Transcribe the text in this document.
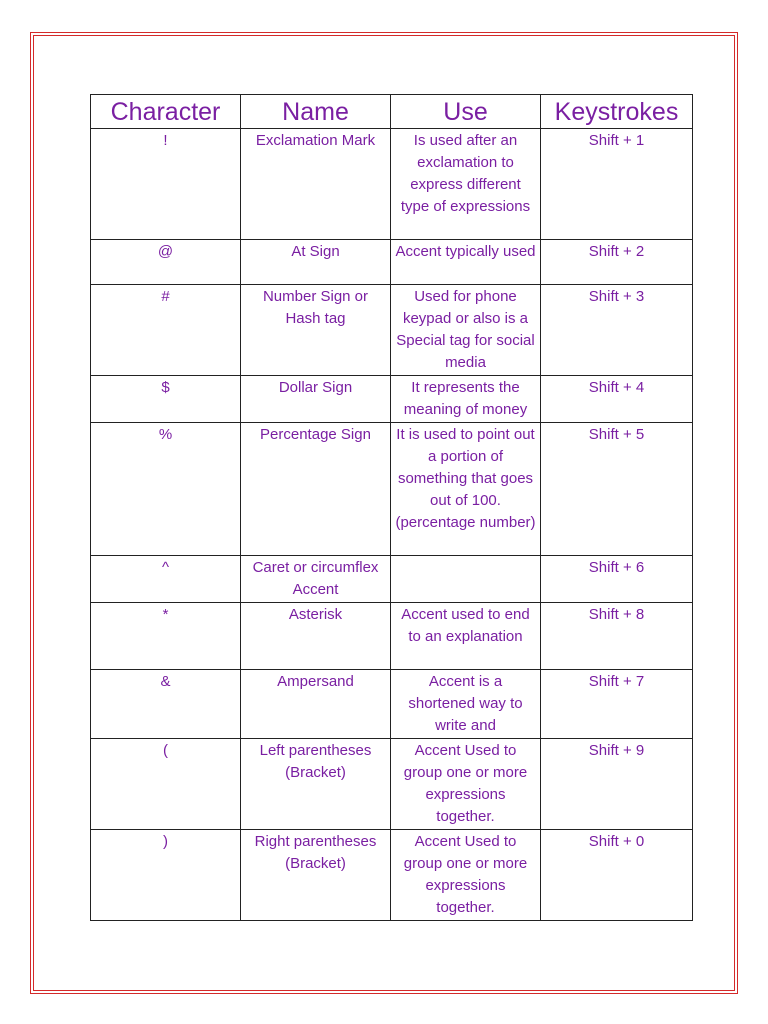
Character	Name	Use	Keystrokes
!	Exclamation Mark	Is used after an exclamation to express different type of expressions	Shift + 1
@	At Sign	Accent typically used	Shift + 2
#	Number Sign or Hash tag	Used for phone keypad or also is a Special tag for social media	Shift + 3
$	Dollar Sign	It represents the meaning of money	Shift + 4
%	Percentage Sign	It is used to point out a portion of something that goes out of 100. (percentage number)	Shift + 5
^	Caret or circumflex Accent		Shift + 6
*	Asterisk	Accent used to end to an explanation	Shift + 8
&	Ampersand	Accent is a shortened way to write and	Shift + 7
(	Left parentheses (Bracket)	Accent Used to group one or more expressions together.	Shift + 9
)	Right parentheses (Bracket)	Accent Used to group one or more expressions together.	Shift + 0
